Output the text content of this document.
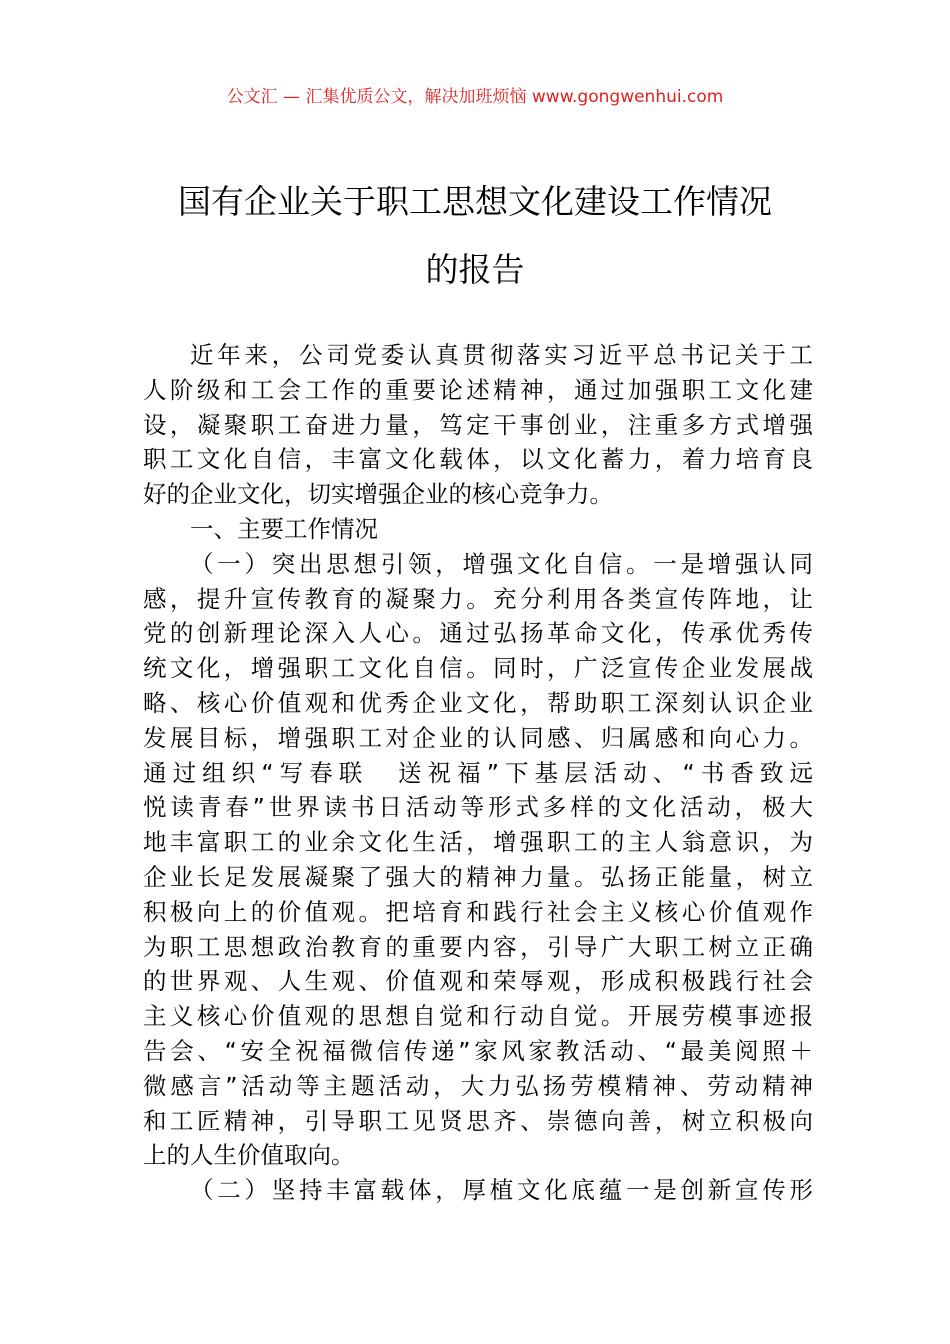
公文汇 — 汇集优质公文，解决加班烦恼 www.gongwenhui.com
国有企业关于职工思想文化建设工作情况
的报告
近年来，公司党委认真贯彻落实习近平总书记关于工
人阶级和工会工作的重要论述精神，通过加强职工文化建
设，凝聚职工奋进力量，笃定干事创业，注重多方式增强
职工文化自信，丰富文化载体，以文化蓄力，着力培育良
好的企业文化，切实增强企业的核心竞争力。
一、主要工作情况
（一）突出思想引领，增强文化自信。一是增强认同
感，提升宣传教育的凝聚力。充分利用各类宣传阵地，让
党的创新理论深入人心。通过弘扬革命文化，传承优秀传
统文化，增强职工文化自信。同时，广泛宣传企业发展战
略、核心价值观和优秀企业文化，帮助职工深刻认识企业
发展目标，增强职工对企业的认同感、归属感和向心力。
通过组织“写春联　送祝福”下基层活动、“书香致远
悦读青春”世界读书日活动等形式多样的文化活动，极大
地丰富职工的业余文化生活，增强职工的主人翁意识，为
企业长足发展凝聚了强大的精神力量。弘扬正能量，树立
积极向上的价值观。把培育和践行社会主义核心价值观作
为职工思想政治教育的重要内容，引导广大职工树立正确
的世界观、人生观、价值观和荣辱观，形成积极践行社会
主义核心价值观的思想自觉和行动自觉。开展劳模事迹报
告会、“安全祝福微信传递”家风家教活动、“最美阅照＋
微感言”活动等主题活动，大力弘扬劳模精神、劳动精神
和工匠精神，引导职工见贤思齐、崇德向善，树立积极向
上的人生价值取向。
（二）坚持丰富载体，厚植文化底蕴一是创新宣传形
